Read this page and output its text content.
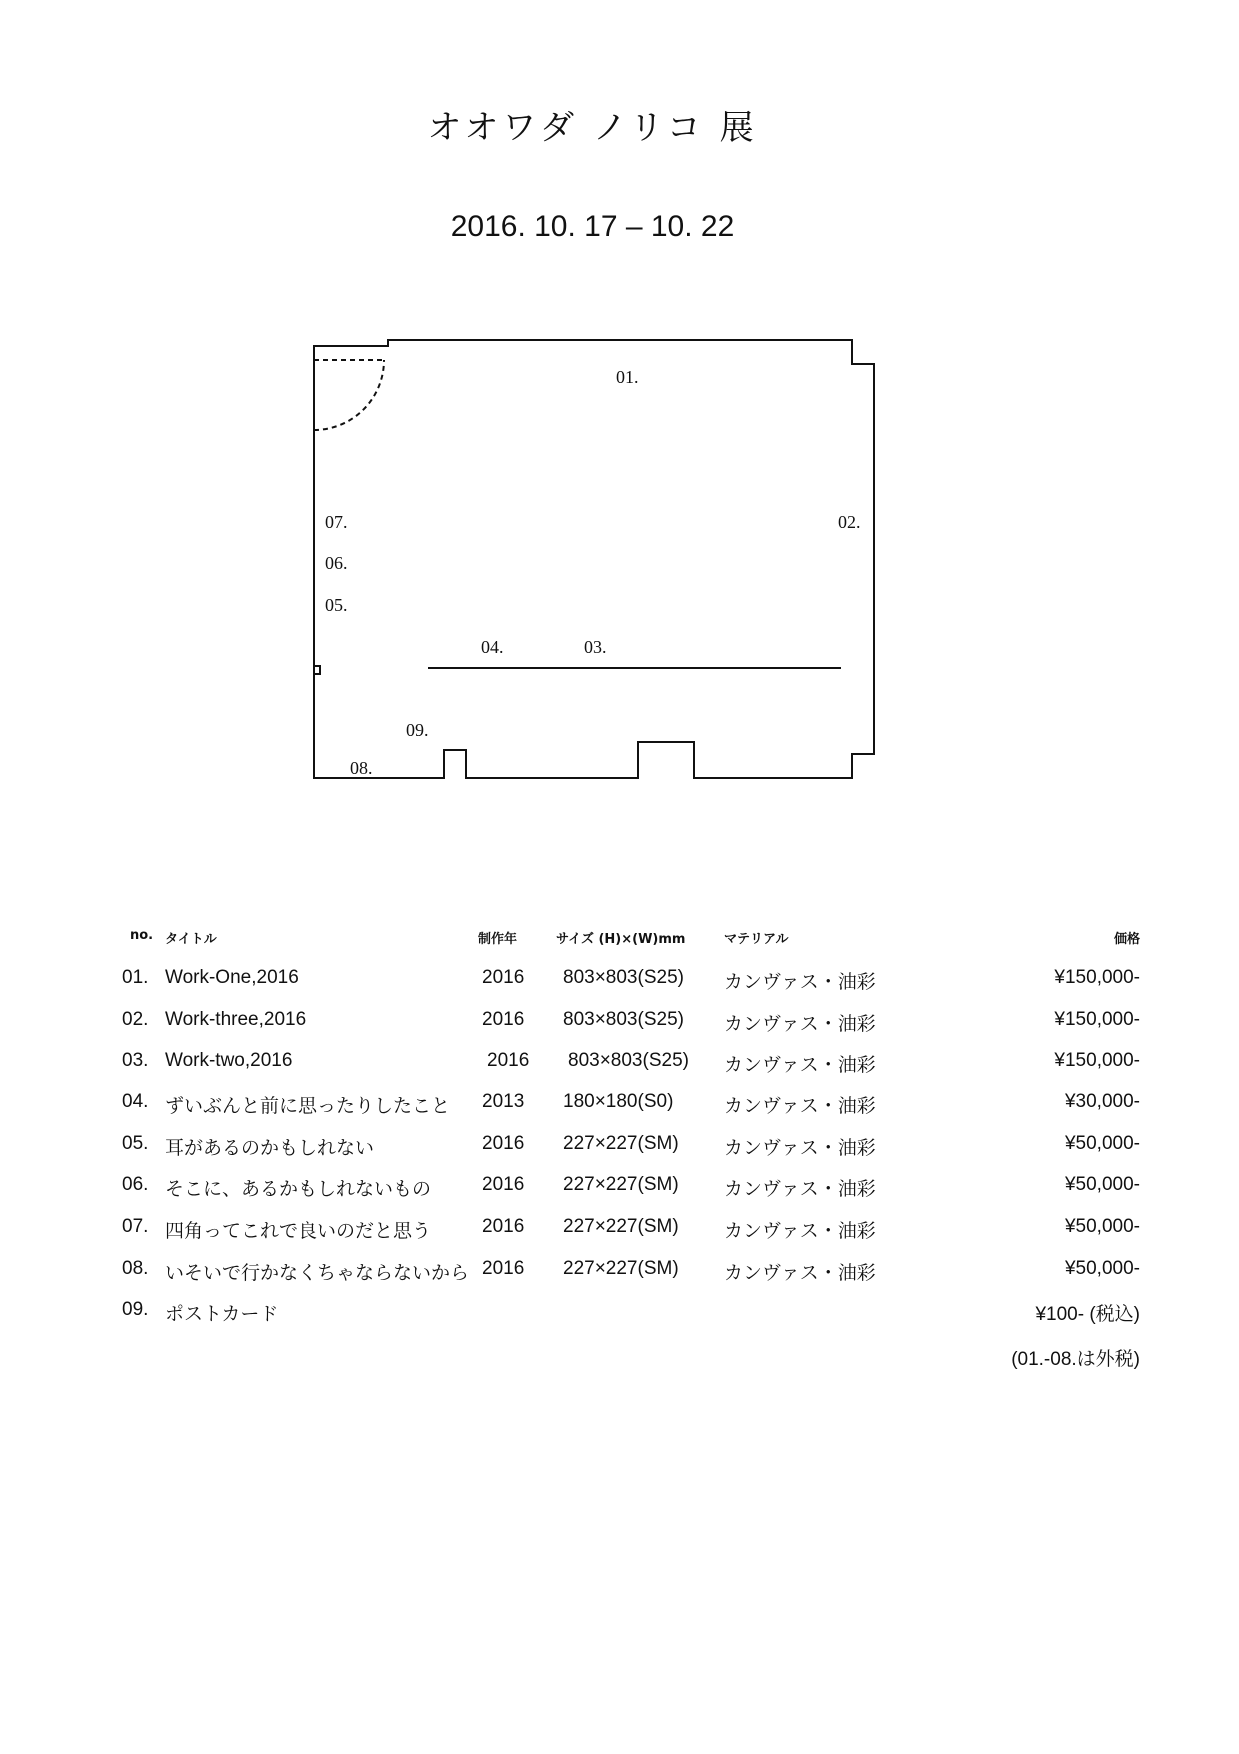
オオワダ ノリコ 展
2016. 10. 17 – 10. 22
01.
02.
03.
04.
05.
06.
07.
08.
09.
no. タイトル	制作年	サイズ (H)×(W)mm	マテリアル	価格
01. Work-One,2016	2016 803×803(S25) カンヴァス・油彩	¥150,000-
02. Work-three,2016	2016 803×803(S25) カンヴァス・油彩	¥150,000-
03. Work-two,2016	2016 803×803(S25) カンヴァス・油彩	¥150,000-
04. ずいぶんと前に思ったりしたこと 2013 180×180(S0)	カンヴァス・油彩	¥30,000-
05. 耳があるのかもしれない	2016 227×227(SM) カンヴァス・油彩	¥50,000-
06. そこに、あるかもしれないもの	2016 227×227(SM) カンヴァス・油彩	¥50,000-
07. 四角ってこれで良いのだと思う	2016 227×227(SM) カンヴァス・油彩	¥50,000-
08. いそいで行かなくちゃならないから 2016 227×227(SM) カンヴァス・油彩	¥50,000-
09. ポストカード	¥100- (税込)
(01.-08.は外税)
